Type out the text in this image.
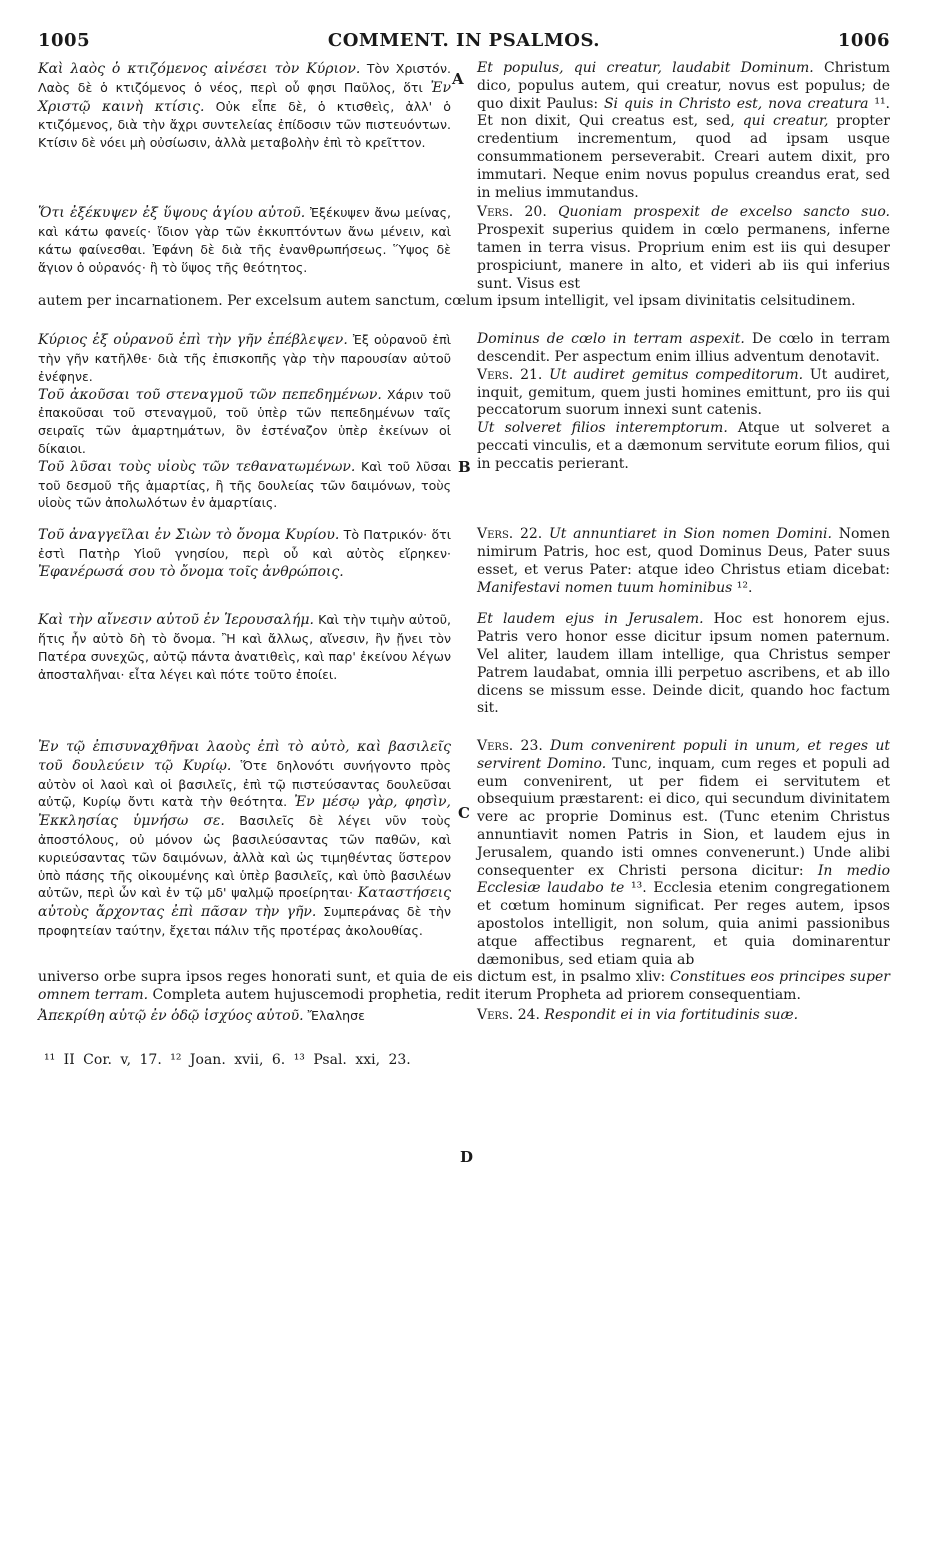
1005	COMMENT. IN PSALMOS.	1006
A
B
C
D
Καὶ λαὸς ὁ κτιζόμενος αἰνέσει τὸν Κύριον. Τὸν Χριστόν. Λαὸς δὲ ὁ κτιζόμενος ὁ νέος, περὶ οὗ φησι Παῦλος, ὅτι Ἐν Χριστῷ καινὴ κτίσις. Οὐκ εἶπε δὲ, ὁ κτισθεὶς, ἀλλ' ὁ κτιζόμενος, διὰ τὴν ἄχρι συντελείας ἐπίδοσιν τῶν πιστευόντων. Κτίσιν δὲ νόει μὴ οὐσίωσιν, ἀλλὰ μεταβολὴν ἐπὶ τὸ κρεῖττον.
Et populus, qui creatur, laudabit Dominum. Christum dico, populus autem, qui creatur, novus est populus; de quo dixit Paulus: Si quis in Christo est, nova creatura ¹¹. Et non dixit, Qui creatus est, sed, qui creatur, propter credentium incrementum, quod ad ipsam usque consummationem perseverabit. Creari autem dixit, pro immutari. Neque enim novus populus creandus erat, sed in melius immutandus.
Ὅτι ἐξέκυψεν ἐξ ὕψους ἁγίου αὐτοῦ. Ἐξέκυψεν ἄνω μείνας, καὶ κάτω φανείς· ἴδιον γὰρ τῶν ἐκκυπτόντων ἄνω μένειν, καὶ κάτω φαίνεσθαι. Ἐφάνη δὲ διὰ τῆς ἐνανθρωπήσεως. Ὕψος δὲ ἅγιον ὁ οὐρανός· ἢ τὸ ὕψος τῆς θεότητος.
Vers. 20. Quoniam prospexit de excelso sancto suo. Prospexit superius quidem in cœlo permanens, inferne tamen in terra visus. Proprium enim est iis qui desuper prospiciunt, manere in alto, et videri ab iis qui inferius sunt. Visus est
autem per incarnationem. Per excelsum autem sanctum, cœlum ipsum intelligit, vel ipsam divinitatis celsitudinem.
Κύριος ἐξ οὐρανοῦ ἐπὶ τὴν γῆν ἐπέβλεψεν. Ἐξ οὐρανοῦ ἐπὶ τὴν γῆν κατῆλθε· διὰ τῆς ἐπισκοπῆς γὰρ τὴν παρουσίαν αὐτοῦ ἐνέφηνε.
Τοῦ ἀκοῦσαι τοῦ στεναγμοῦ τῶν πεπεδημένων. Χάριν τοῦ ἐπακοῦσαι τοῦ στεναγμοῦ, τοῦ ὑπὲρ τῶν πεπεδημένων ταῖς σειραῖς τῶν ἁμαρτημάτων, ὃν ἐστέναζον ὑπὲρ ἐκείνων οἱ δίκαιοι.
Τοῦ λῦσαι τοὺς υἱοὺς τῶν τεθανατωμένων. Καὶ τοῦ λῦσαι τοῦ δεσμοῦ τῆς ἁμαρτίας, ἢ τῆς δουλείας τῶν δαιμόνων, τοὺς υἱοὺς τῶν ἀπολωλότων ἐν ἁμαρτίαις.
Dominus de cœlo in terram aspexit. De cœlo in terram descendit. Per aspectum enim illius adventum denotavit.
Vers. 21. Ut audiret gemitus compeditorum. Ut audiret, inquit, gemitum, quem justi homines emittunt, pro iis qui peccatorum suorum innexi sunt catenis.
Ut solveret filios interemptorum. Atque ut solveret a peccati vinculis, et a dæmonum servitute eorum filios, qui in peccatis perierant.
Τοῦ ἀναγγεῖλαι ἐν Σιὼν τὸ ὄνομα Κυρίου. Τὸ Πατρικόν· ὅτι ἐστὶ Πατὴρ Υἱοῦ γνησίου, περὶ οὗ καὶ αὐτὸς εἴρηκεν· Ἐφανέρωσά σου τὸ ὄνομα τοῖς ἀνθρώποις.
Vers. 22. Ut annuntiaret in Sion nomen Domini. Nomen nimirum Patris, hoc est, quod Dominus Deus, Pater suus esset, et verus Pater: atque ideo Christus etiam dicebat: Manifestavi nomen tuum hominibus ¹².
Καὶ τὴν αἴνεσιν αὐτοῦ ἐν Ἱερουσαλήμ. Καὶ τὴν τιμὴν αὐτοῦ, ἥτις ἦν αὐτὸ δὴ τὸ ὄνομα. Ἢ καὶ ἄλλως, αἴνεσιν, ἣν ᾔνει τὸν Πατέρα συνεχῶς, αὐτῷ πάντα ἀνατιθεὶς, καὶ παρ' ἐκείνου λέγων ἀποσταλῆναι· εἶτα λέγει καὶ πότε τοῦτο ἐποίει.
Et laudem ejus in Jerusalem. Hoc est honorem ejus. Patris vero honor esse dicitur ipsum nomen paternum. Vel aliter, laudem illam intellige, qua Christus semper Patrem laudabat, omnia illi perpetuo ascribens, et ab illo dicens se missum esse. Deinde dicit, quando hoc factum sit.
Ἐν τῷ ἐπισυναχθῆναι λαοὺς ἐπὶ τὸ αὐτὸ, καὶ βασιλεῖς τοῦ δουλεύειν τῷ Κυρίῳ. Ὅτε δηλονότι συνήγοντο πρὸς αὐτὸν οἱ λαοὶ καὶ οἱ βασιλεῖς, ἐπὶ τῷ πιστεύσαντας δουλεῦσαι αὐτῷ, Κυρίῳ ὄντι κατὰ τὴν θεότητα. Ἐν μέσῳ γὰρ, φησὶν, Ἐκκλησίας ὑμνήσω σε. Βασιλεῖς δὲ λέγει νῦν τοὺς ἀποστόλους, οὐ μόνον ὡς βασιλεύσαντας τῶν παθῶν, καὶ κυριεύσαντας τῶν δαιμόνων, ἀλλὰ καὶ ὡς τιμηθέντας ὕστερον ὑπὸ πάσης τῆς οἰκουμένης καὶ ὑπὲρ βασιλεῖς, καὶ ὑπὸ βασιλέων αὐτῶν, περὶ ὧν καὶ ἐν τῷ μδ' ψαλμῷ προείρηται· Καταστήσεις αὐτοὺς ἄρχοντας ἐπὶ πᾶσαν τὴν γῆν. Συμπεράνας δὲ τὴν προφητείαν ταύτην, ἔχεται πάλιν τῆς προτέρας ἀκολουθίας.
Vers. 23. Dum convenirent populi in unum, et reges ut servirent Domino. Tunc, inquam, cum reges et populi ad eum convenirent, ut per fidem ei servitutem et obsequium præstarent: ei dico, qui secundum divinitatem vere ac proprie Dominus est. (Tunc etenim Christus annuntiavit nomen Patris in Sion, et laudem ejus in Jerusalem, quando isti omnes convenerunt.) Unde alibi consequenter ex Christi persona dicitur: In medio Ecclesiæ laudabo te ¹³. Ecclesia etenim congregationem et cœtum hominum significat. Per reges autem, ipsos apostolos intelligit, non solum, quia animi passionibus atque affectibus regnarent, et quia dominarentur dæmonibus, sed etiam quia ab
universo orbe supra ipsos reges honorati sunt, et quia de eis dictum est, in psalmo xliv: Constitues eos principes super omnem terram. Completa autem hujuscemodi prophetia, redit iterum Propheta ad priorem consequentiam.
Ἀπεκρίθη αὐτῷ ἐν ὁδῷ ἰσχύος αὐτοῦ. Ἔλαλησε	Vers. 24. Respondit ei in via fortitudinis suæ.
¹¹ II Cor. v, 17. ¹² Joan. xvii, 6. ¹³ Psal. xxi, 23.
